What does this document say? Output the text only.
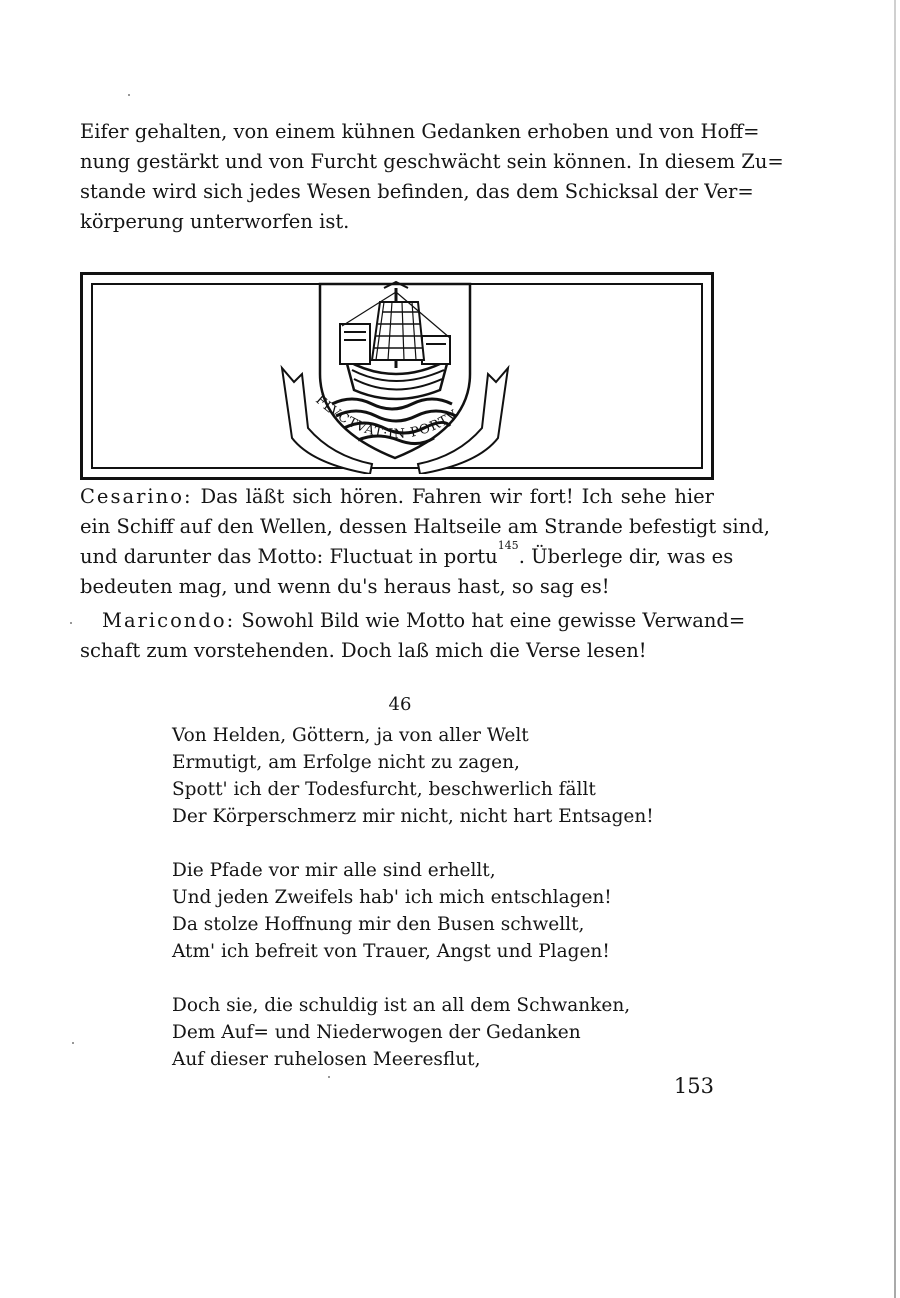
Eifer gehalten, von einem kühnen Gedanken erhoben und von Hoff=
nung gestärkt und von Furcht geschwächt sein können. In diesem Zu=
stande wird sich jedes Wesen befinden, das dem Schicksal der Ver=
körperung unterworfen ist.
FLVCTVAT·IN·PORTV
Cesarino: Das läßt sich hören. Fahren wir fort! Ich sehe hier
ein Schiff auf den Wellen, dessen Haltseile am Strande befestigt sind,
und darunter das Motto: Fluctuat in portu$^{145}$. Überlege dir, was es
bedeuten mag, und wenn du's heraus hast, so sag es!
Maricondo: Sowohl Bild wie Motto hat eine gewisse Verwand=
schaft zum vorstehenden. Doch laß mich die Verse lesen!
46
Von Helden, Göttern, ja von aller Welt
Ermutigt, am Erfolge nicht zu zagen,
Spott' ich der Todesfurcht, beschwerlich fällt
Der Körperschmerz mir nicht, nicht hart Entsagen!
Die Pfade vor mir alle sind erhellt,
Und jeden Zweifels hab' ich mich entschlagen!
Da stolze Hoffnung mir den Busen schwellt,
Atm' ich befreit von Trauer, Angst und Plagen!
Doch sie, die schuldig ist an all dem Schwanken,
Dem Auf= und Niederwogen der Gedanken
Auf dieser ruhelosen Meeresflut,
153
